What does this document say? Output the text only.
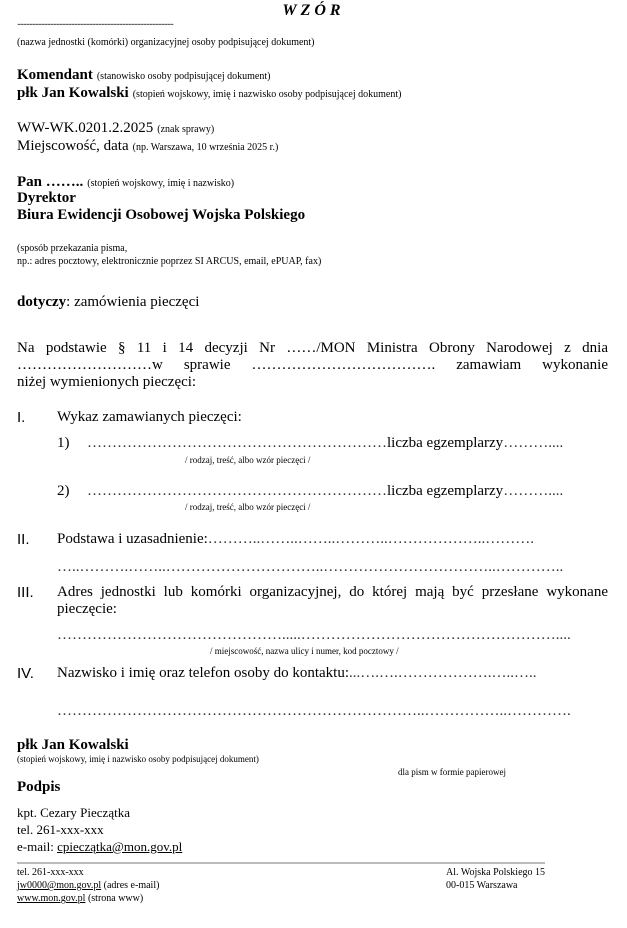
WZÓR
........................................................................................................
(nazwa jednostki (komórki) organizacyjnej osoby podpisującej dokument)
Komendant (stanowisko osoby podpisującej dokument)
płk Jan Kowalski (stopień wojskowy, imię i nazwisko osoby podpisującej dokument)
WW-WK.0201.2.2025 (znak sprawy)
Miejscowość, data (np. Warszawa, 10 września 2025 r.)
Pan …….. (stopień wojskowy, imię i nazwisko)
Dyrektor
Biura Ewidencji Osobowej Wojska Polskiego
(sposób przekazania pisma,
np.: adres pocztowy, elektronicznie poprzez SI ARCUS, email, ePUAP, fax)
dotyczy: zamówienia pieczęci
Na podstawie § 11 i 14 decyzji Nr ……/MON Ministra Obrony Narodowej z dnia
………………………w sprawie ………………………………. zamawiam wykonanie
niżej wymienionych pieczęci:
I. Wykaz zamawianych pieczęci:
1) ……………………………………………………liczba egzemplarzy………....
/ rodzaj, treść, albo wzór pieczęci /
2) ……………………………………………………liczba egzemplarzy………....
/ rodzaj, treść, albo wzór pieczęci /
II. Podstawa i uzasadnienie:………..……..……..………..………………..……….
…..……….……..…………………………..……………………………..…………..
III. Adres jednostki lub komórki organizacyjnej, do której mają być przesłane wykonane
pieczęcie:
……………………………………….....……………………………………………....
/ miejscowość, nazwa ulicy i numer, kod pocztowy /
IV. Nazwisko i imię oraz telefon osoby do kontaktu:...….….……………….…..…..
………………………………………………………………..……………..………….
płk Jan Kowalski
(stopień wojskowy, imię i nazwisko osoby podpisującej dokument)
dla pism w formie papierowej
Podpis
kpt. Cezary Pieczątka
tel. 261-xxx-xxx
e-mail: cpieczątka@mon.gov.pl
tel. 261-xxx-xxx
jw0000@mon.gov.pl (adres e-mail)
www.mon.gov.pl (strona www)
Al. Wojska Polskiego 15
00-015 Warszawa
